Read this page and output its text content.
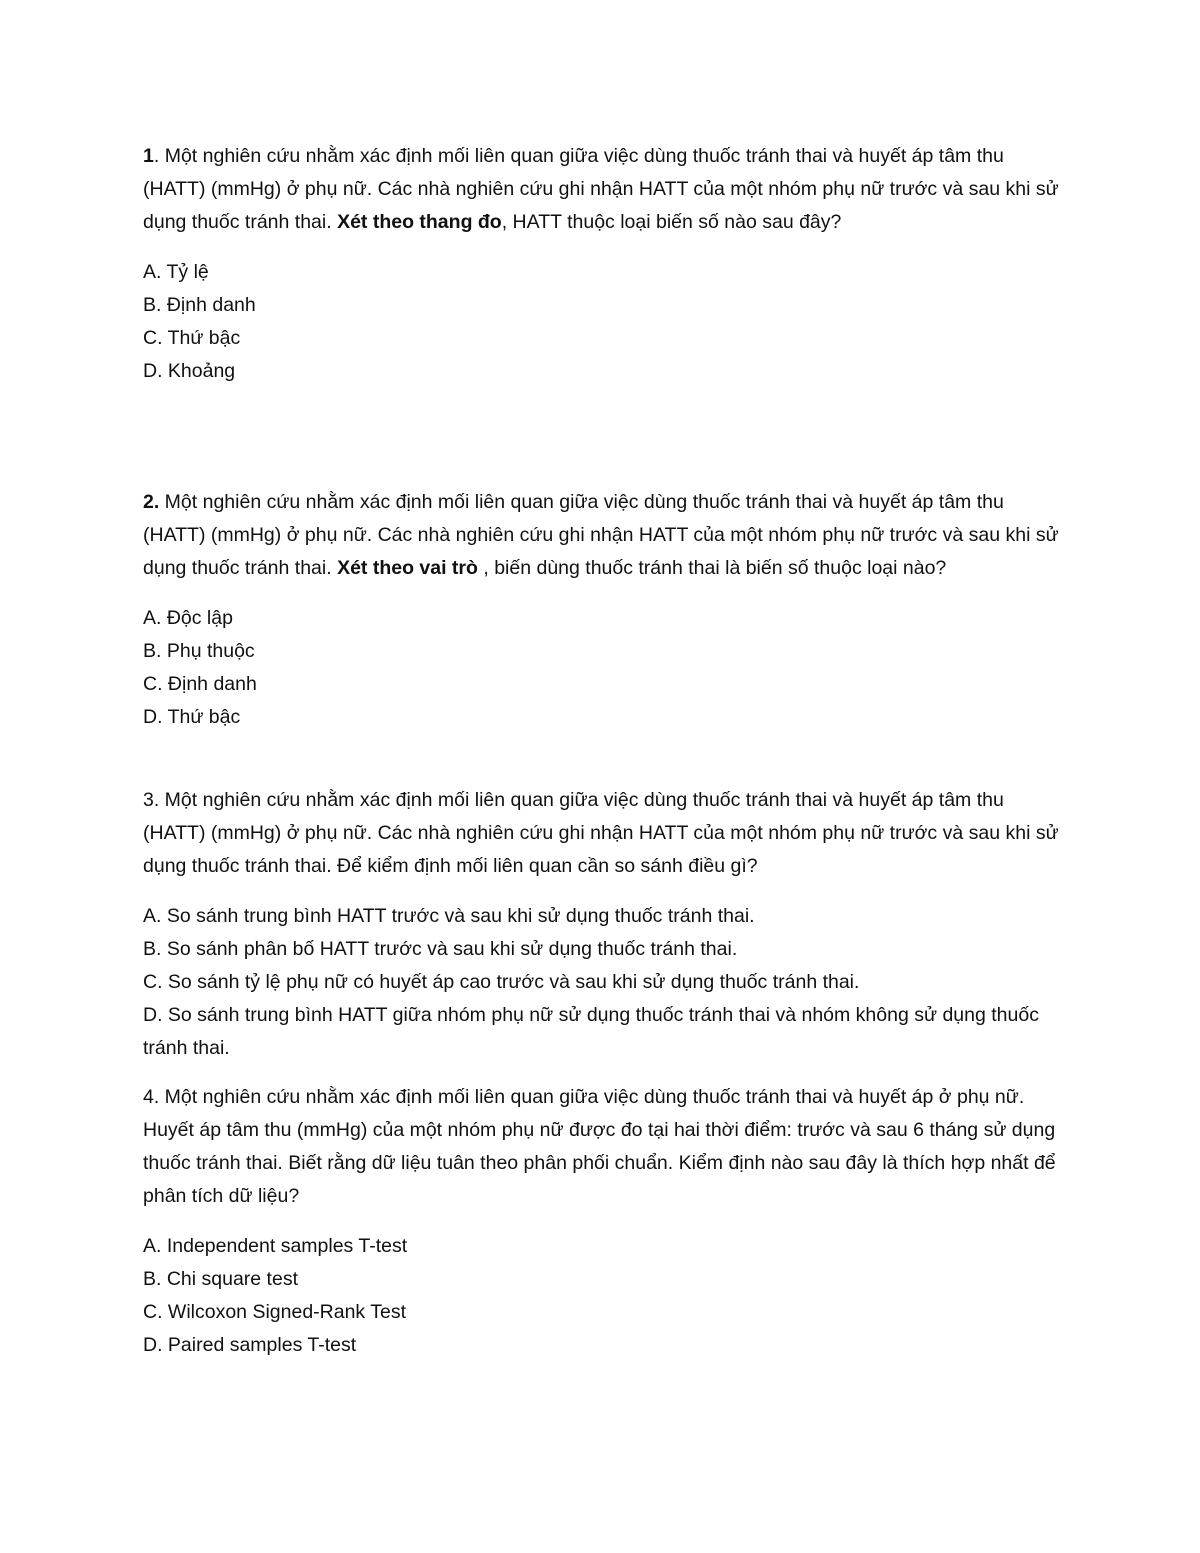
1. Một nghiên cứu nhằm xác định mối liên quan giữa việc dùng thuốc tránh thai và huyết áp tâm thu (HATT) (mmHg) ở phụ nữ. Các nhà nghiên cứu ghi nhận HATT của một nhóm phụ nữ trước và sau khi sử dụng thuốc tránh thai. Xét theo thang đo, HATT thuộc loại biến số nào sau đây?

A. Tỷ lệ

B. Định danh

C. Thứ bậc

D. Khoảng

2. Một nghiên cứu nhằm xác định mối liên quan giữa việc dùng thuốc tránh thai và huyết áp tâm thu (HATT) (mmHg) ở phụ nữ. Các nhà nghiên cứu ghi nhận HATT của một nhóm phụ nữ trước và sau khi sử dụng thuốc tránh thai. Xét theo vai trò , biến dùng thuốc tránh thai là biến số thuộc loại nào?

A. Độc lập

B. Phụ thuộc

C. Định danh

D. Thứ bậc

3. Một nghiên cứu nhằm xác định mối liên quan giữa việc dùng thuốc tránh thai và huyết áp tâm thu (HATT) (mmHg) ở phụ nữ. Các nhà nghiên cứu ghi nhận HATT của một nhóm phụ nữ trước và sau khi sử dụng thuốc tránh thai. Để kiểm định mối liên quan cần so sánh điều gì?

A. So sánh trung bình HATT trước và sau khi sử dụng thuốc tránh thai.

B. So sánh phân bố HATT trước và sau khi sử dụng thuốc tránh thai.

C. So sánh tỷ lệ phụ nữ có huyết áp cao trước và sau khi sử dụng thuốc tránh thai.

D. So sánh trung bình HATT giữa nhóm phụ nữ sử dụng thuốc tránh thai và nhóm không sử dụng thuốc tránh thai.

4. Một nghiên cứu nhằm xác định mối liên quan giữa việc dùng thuốc tránh thai và huyết áp ở phụ nữ. Huyết áp tâm thu (mmHg) của một nhóm phụ nữ được đo tại hai thời điểm: trước và sau 6 tháng sử dụng thuốc tránh thai. Biết rằng dữ liệu tuân theo phân phối chuẩn. Kiểm định nào sau đây là thích hợp nhất để phân tích dữ liệu?

A. Independent samples T-test

B. Chi square test

C. Wilcoxon Signed-Rank Test

D. Paired samples T-test
